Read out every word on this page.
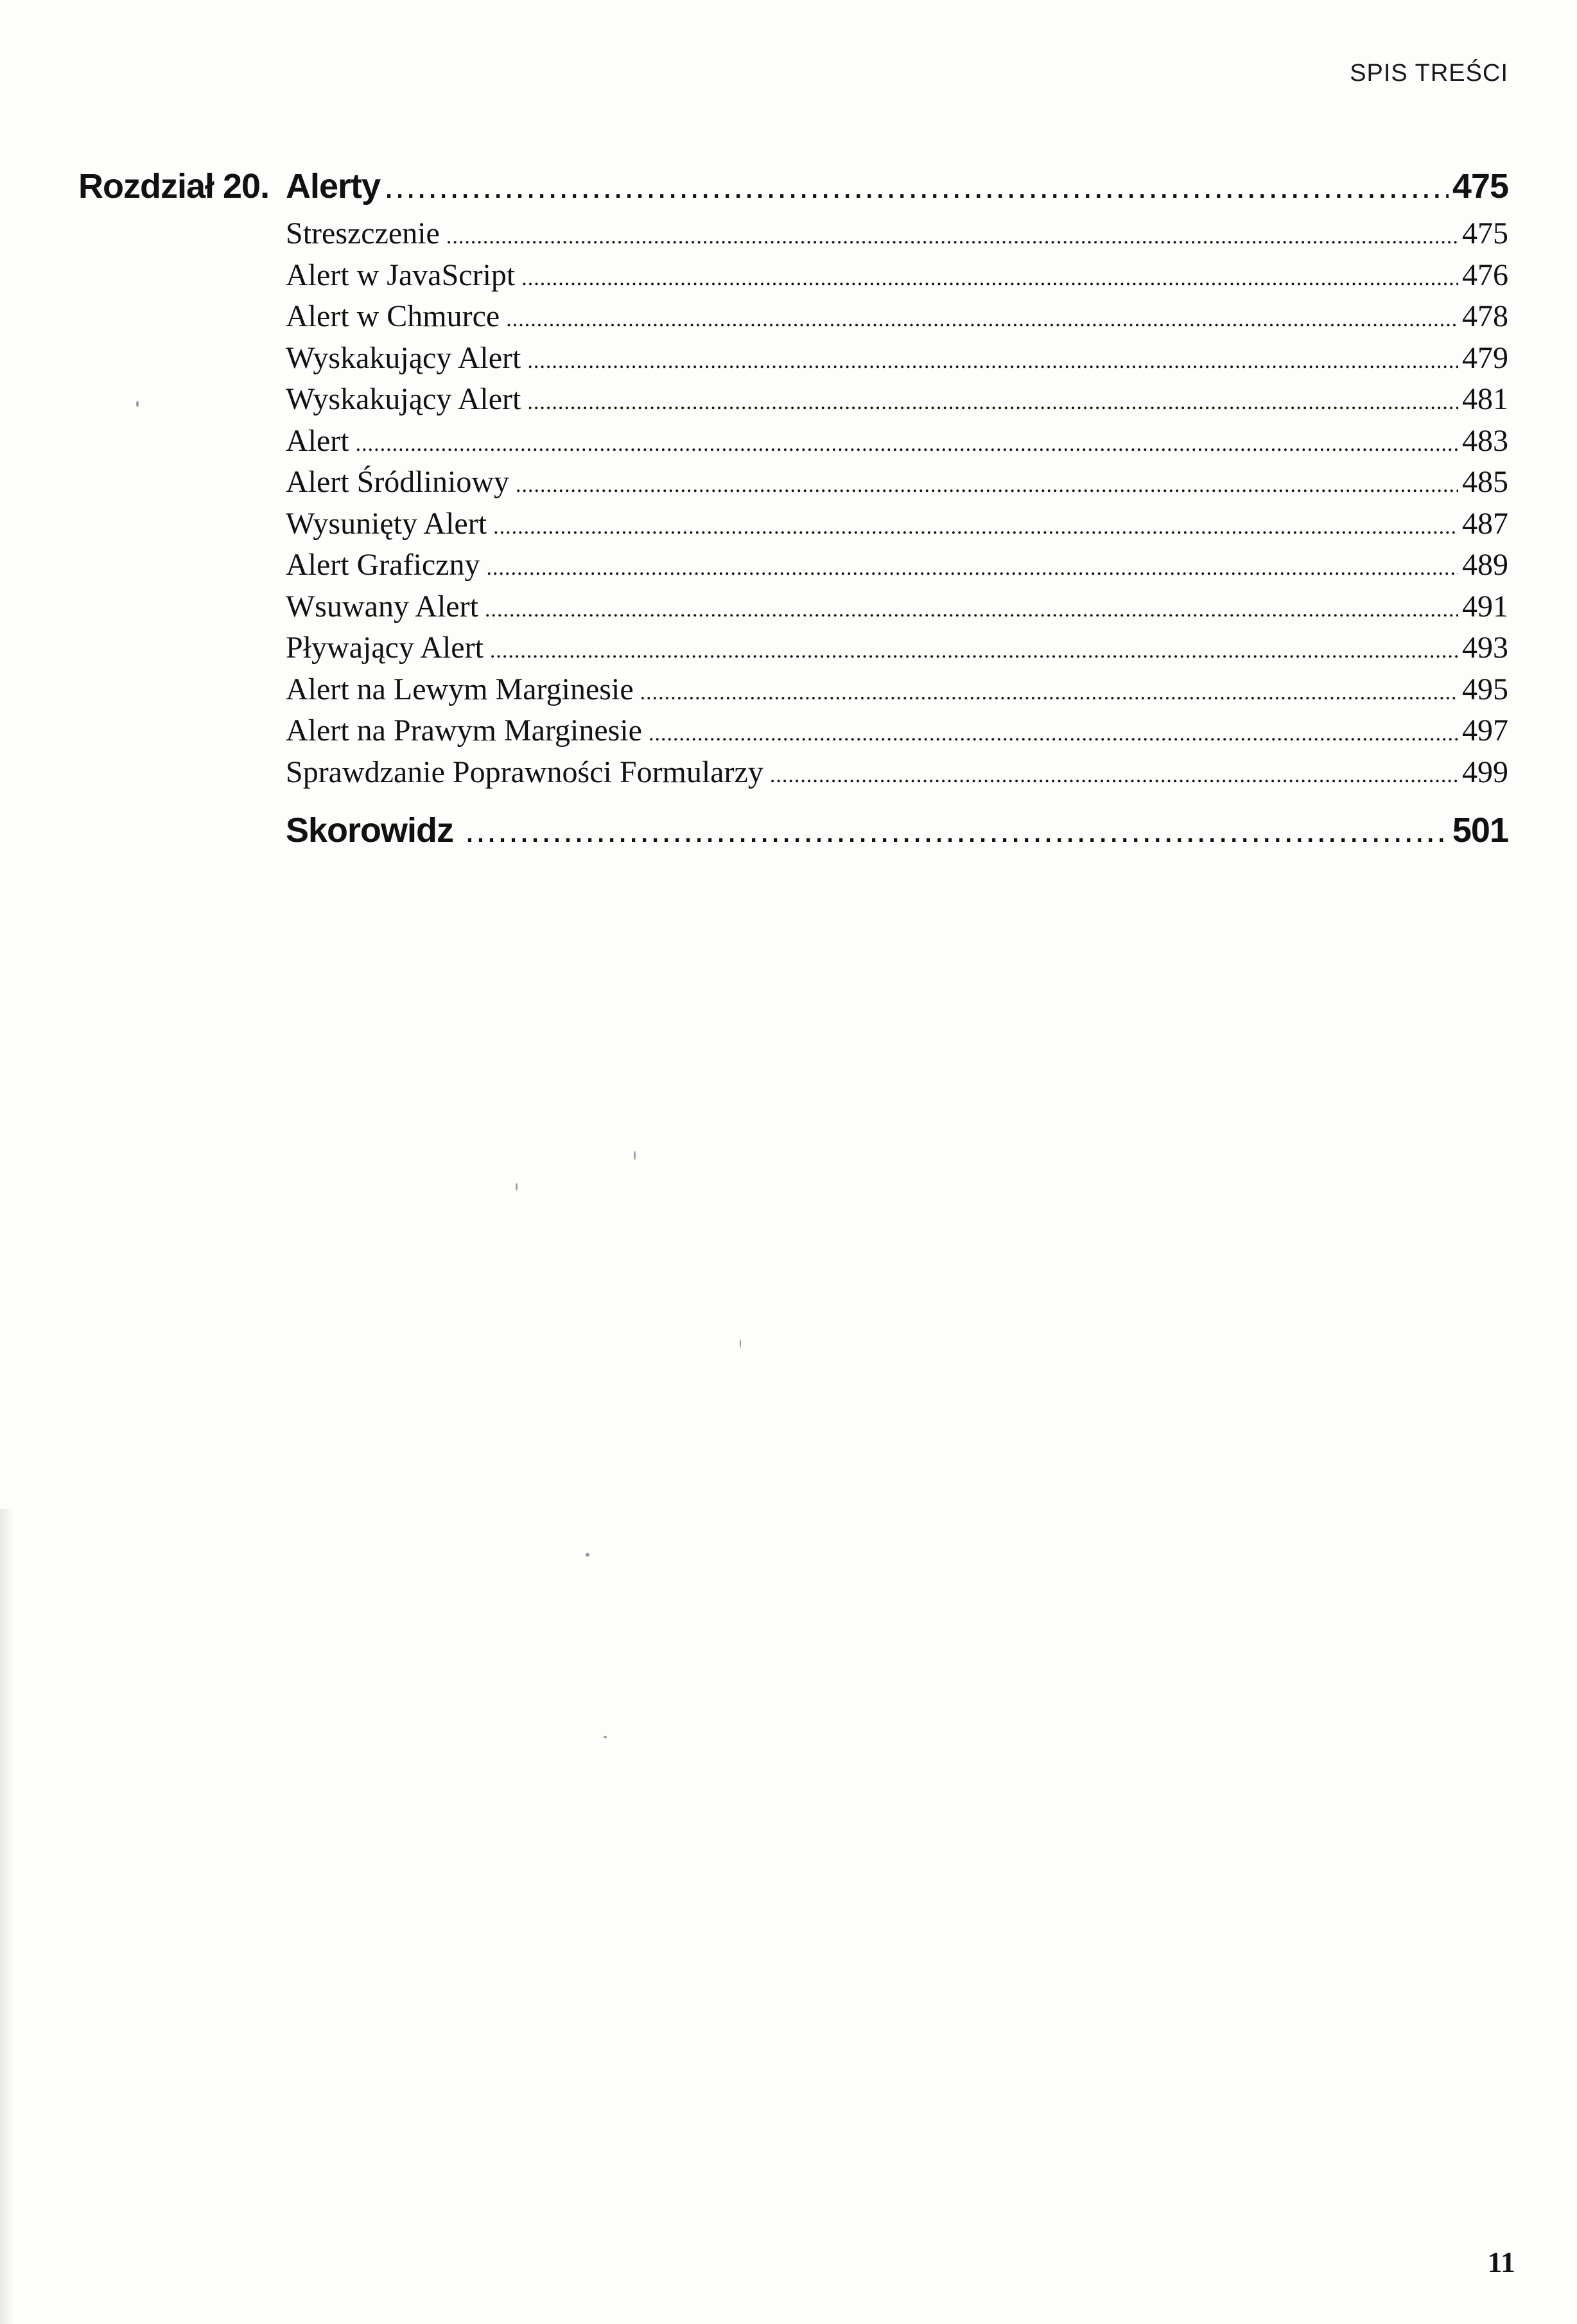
SPIS TREŚCI
Rozdział 20. Alerty .....	475
Streszczenie .....	475
Alert w JavaScript .....	476
Alert w Chmurce .....	478
Wyskakujący Alert .....	479
Wyskakujący Alert .....	481
Alert .....	483
Alert Śródliniowy .....	485
Wysunięty Alert .....	487
Alert Graficzny .....	489
Wsuwany Alert .....	491
Pływający Alert .....	493
Alert na Lewym Marginesie .....	495
Alert na Prawym Marginesie .....	497
Sprawdzanie Poprawności Formularzy .....	499
Skorowidz .....	501
11
